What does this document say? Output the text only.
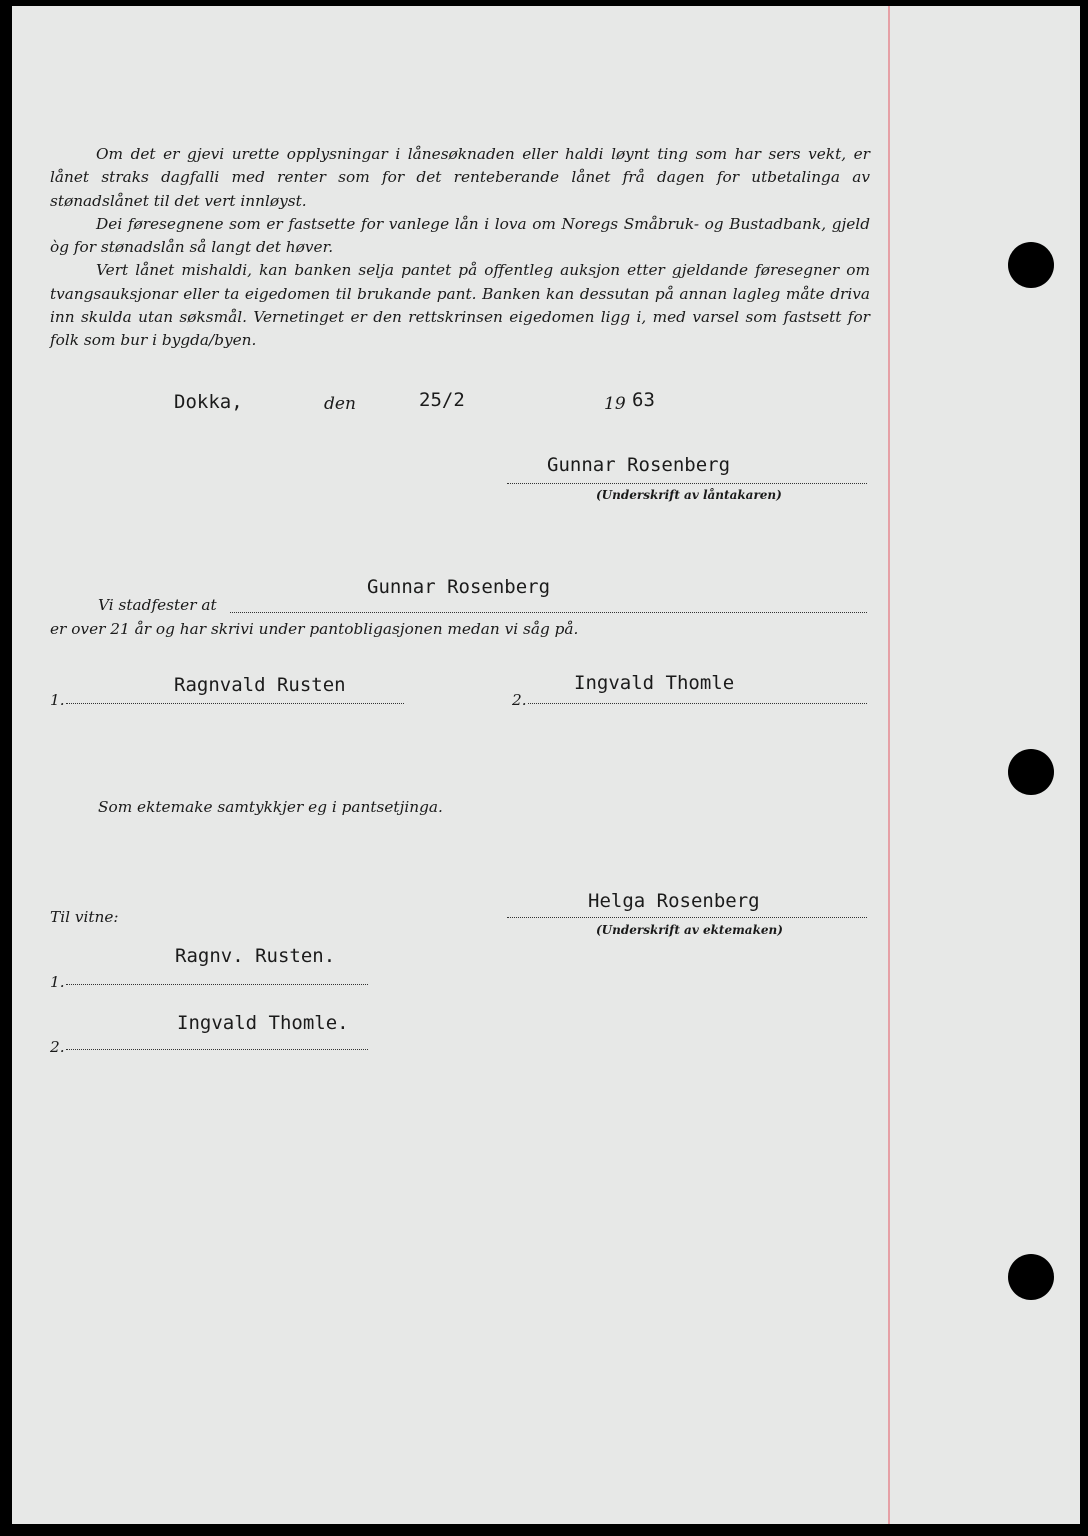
Om det er gjevi urette opplysningar i lånesøknaden eller haldi løynt ting som har sers vekt, er lånet straks dagfalli med renter som for det renteberande lånet frå dagen for utbetalinga av stønadslånet til det vert innløyst.

Dei føresegnene som er fastsette for vanlege lån i lova om Noregs Småbruk- og Bustadbank, gjeld òg for stønadslån så langt det høver.

Vert lånet mishaldi, kan banken selja pantet på offentleg auksjon etter gjeldande føresegner om tvangsauksjonar eller ta eigedomen til brukande pant. Banken kan dessutan på annan lagleg måte driva inn skulda utan søksmål. Vernetinget er den rettskrinsen eigedomen ligg i, med varsel som fastsett for folk som bur i bygda/byen.

Dokka,	den	25/2	19 63
Gunnar Rosenberg
(Underskrift av låntakaren)
Gunnar Rosenberg
Vi stadfester at
er over 21 år og har skrivi under pantobligasjonen medan vi såg på.
1.
Ragnvald Rusten
2.
Ingvald Thomle
Som ektemake samtykkjer eg i pantsetjinga.
Helga Rosenberg
(Underskrift av ektemaken)
Til vitne:
Ragnv. Rusten.
1.
Ingvald Thomle.
2.
